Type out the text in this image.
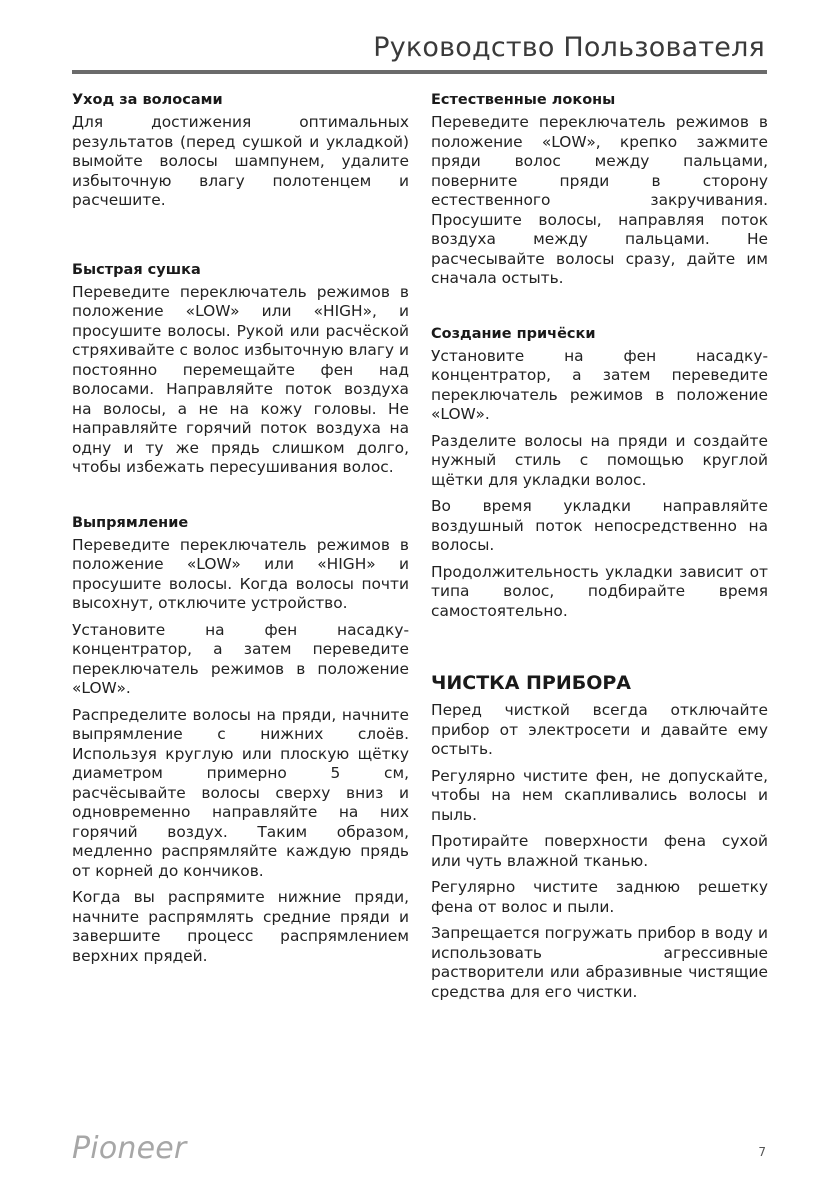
Руководство Пользователя
Уход за волосами

Для достижения оптимальных результатов (перед сушкой и укладкой) вымойте волосы шампунем, удалите избыточную влагу полотенцем и расчешите.

Быстрая сушка

Переведите переключатель режимов в положение «LOW» или «HIGH», и просушите волосы. Рукой или расчёской стряхивайте с волос избыточную влагу и постоянно перемещайте фен над волосами. Направляйте поток воздуха на волосы, а не на кожу головы. Не направляйте горячий поток воздуха на одну и ту же прядь слишком долго, чтобы избежать пересушивания волос.

Выпрямление

Переведите переключатель режимов в положение «LOW» или «HIGH» и просушите волосы. Когда волосы почти высохнут, отключите устройство.

Установите на фен насадку-концентратор, а затем переведите переключатель режимов в положение «LOW».

Распределите волосы на пряди, начните выпрямление с нижних слоёв. Используя круглую или плоскую щётку диаметром примерно 5 см, расчёсывайте волосы сверху вниз и одновременно направляйте на них горячий воздух. Таким образом, медленно распрямляйте каждую прядь от корней до кончиков.

Когда вы распрямите нижние пряди, начните распрямлять средние пряди и завершите процесс распрямлением верхних прядей.

Естественные локоны

Переведите переключатель режимов в положение «LOW», крепко зажмите пряди волос между пальцами, поверните пряди в сторону естественного закручивания. Просушите волосы, направляя поток воздуха между пальцами. Не расчесывайте волосы сразу, дайте им сначала остыть.

Создание причёски

Установите на фен насадку-концентратор, а затем переведите переключатель режимов в положение «LOW».

Разделите волосы на пряди и создайте нужный стиль с помощью круглой щётки для укладки волос.

Во время укладки направляйте воздушный поток непосредственно на волосы.

Продолжительность укладки зависит от типа волос, подбирайте время самостоятельно.

ЧИСТКА ПРИБОРА

Перед чисткой всегда отключайте прибор от электросети и давайте ему остыть.

Регулярно чистите фен, не допускайте, чтобы на нем скапливались волосы и пыль.

Протирайте поверхности фена сухой или чуть влажной тканью.

Регулярно чистите заднюю решетку фена от волос и пыли.

Запрещается погружать прибор в воду и использовать агрессивные растворители или абразивные чистящие средства для его чистки.

Pioneer	7
